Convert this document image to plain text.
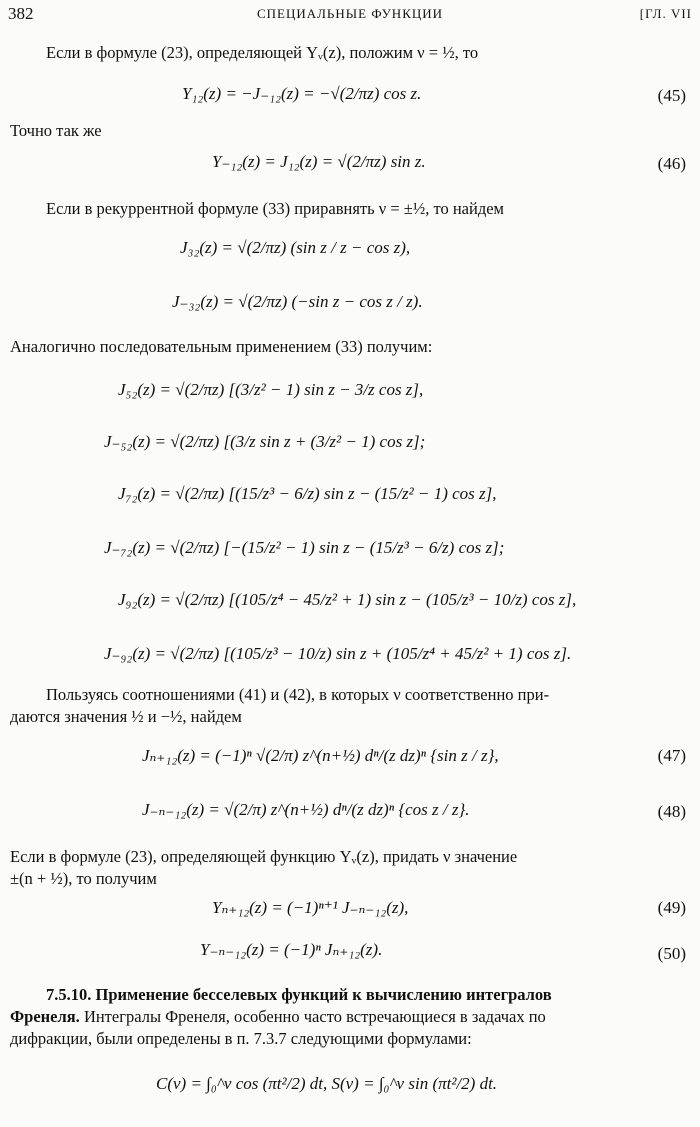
382	СПЕЦИАЛЬНЫЕ ФУНКЦИИ	[ГЛ. VII
Если в формуле (23), определяющей Yᵥ(z), положим ν = ½, то
Y₁₂(z) = −J₋₁₂(z) = −√(2/πz) cos z.	(45)
Точно так же
Y₋₁₂(z) = J₁₂(z) = √(2/πz) sin z.	(46)
Если в рекуррентной формуле (33) приравнять ν = ±½, то найдем
J₃₂(z) = √(2/πz) (sin z / z − cos z),
J₋₃₂(z) = √(2/πz) (−sin z − cos z / z).
Аналогично последовательным применением (33) получим:
J₅₂(z) = √(2/πz) [(3/z² − 1) sin z − 3/z cos z],
J₋₅₂(z) = √(2/πz) [(3/z sin z + (3/z² − 1) cos z];
J₇₂(z) = √(2/πz) [(15/z³ − 6/z) sin z − (15/z² − 1) cos z],
J₋₇₂(z) = √(2/πz) [−(15/z² − 1) sin z − (15/z³ − 6/z) cos z];
J₉₂(z) = √(2/πz) [(105/z⁴ − 45/z² + 1) sin z − (105/z³ − 10/z) cos z],
J₋₉₂(z) = √(2/πz) [(105/z³ − 10/z) sin z + (105/z⁴ + 45/z² + 1) cos z].
Пользуясь соотношениями (41) и (42), в которых ν соответственно при-
даются значения ½ и −½, найдем
Jₙ₊₁₂(z) = (−1)ⁿ √(2/π) z^(n+½) dⁿ/(z dz)ⁿ {sin z / z},	(47)
J₋ₙ₋₁₂(z) = √(2/π) z^(n+½) dⁿ/(z dz)ⁿ {cos z / z}.	(48)
Если в формуле (23), определяющей функцию Yᵥ(z), придать ν значение
±(n + ½), то получим
Yₙ₊₁₂(z) = (−1)ⁿ⁺¹ J₋ₙ₋₁₂(z),	(49)
Y₋ₙ₋₁₂(z) = (−1)ⁿ Jₙ₊₁₂(z).	(50)
7.5.10. Применение бесселевых функций к вычислению интегралов
Френеля. Интегралы Френеля, особенно часто встречающиеся в задачах по
дифракции, были определены в п. 7.3.7 следующими формулами:
C(ν) = ∫₀^ν cos (πt²/2) dt, S(ν) = ∫₀^ν sin (πt²/2) dt.
